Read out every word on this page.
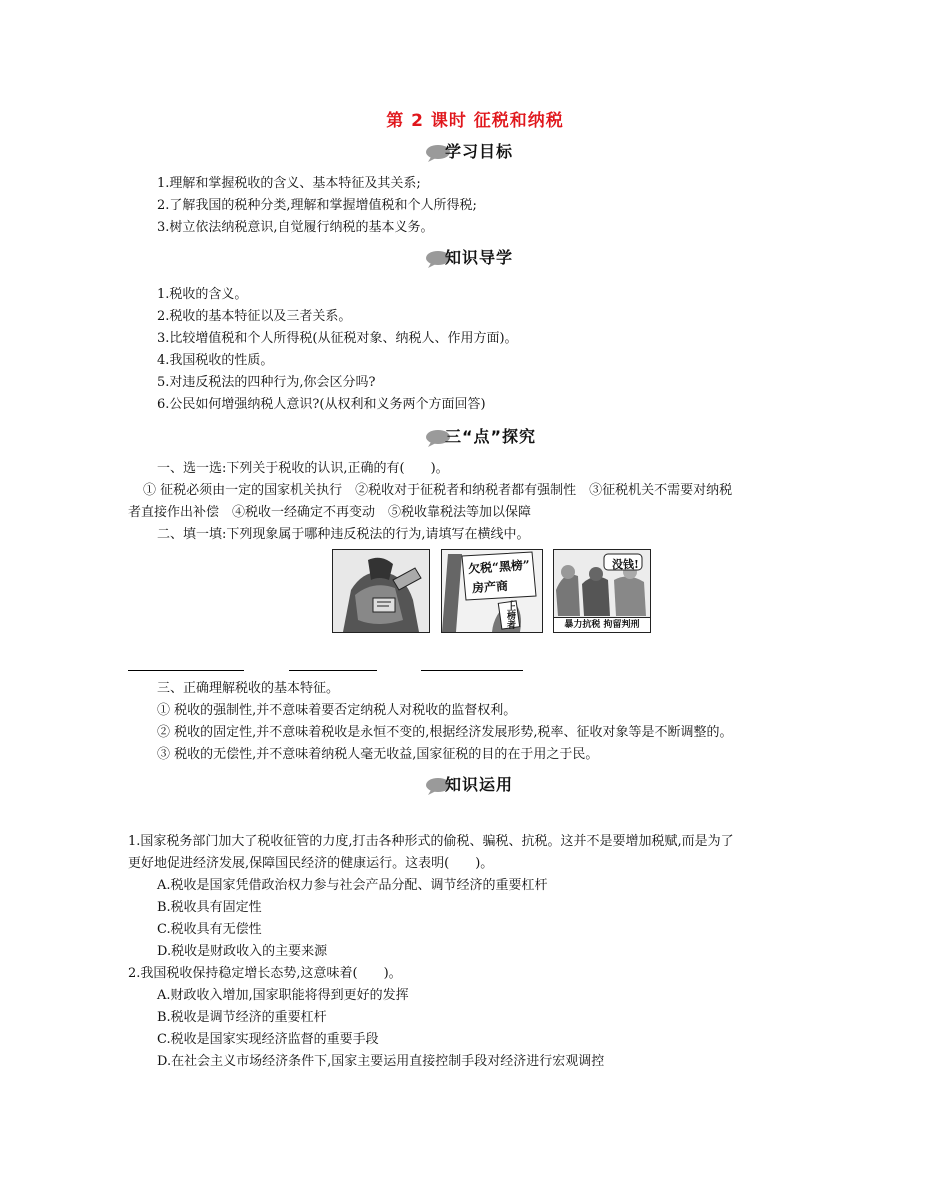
第 2 课时 征税和纳税
学习目标
1.理解和掌握税收的含义、基本特征及其关系;
2.了解我国的税种分类,理解和掌握增值税和个人所得税;
3.树立依法纳税意识,自觉履行纳税的基本义务。
知识导学
1.税收的含义。
2.税收的基本特征以及三者关系。
3.比较增值税和个人所得税(从征税对象、纳税人、作用方面)。
4.我国税收的性质。
5.对违反税法的四种行为,你会区分吗?
6.公民如何增强纳税人意识?(从权利和义务两个方面回答)
三“点”探究
一、选一选:下列关于税收的认识,正确的有(　　)。
① 征税必须由一定的国家机关执行　②税收对于征税者和纳税者都有强制性　③征税机关不需要对纳税
者直接作出补偿　④税收一经确定不再变动　⑤税收靠税法等加以保障
二、填一填:下列现象属于哪种违反税法的行为,请填写在横线中。
欠税“黑榜”
房产商
上榜者
没钱!
暴力抗税 拘留判刑
三、正确理解税收的基本特征。
① 税收的强制性,并不意味着要否定纳税人对税收的监督权利。
② 税收的固定性,并不意味着税收是永恒不变的,根据经济发展形势,税率、征收对象等是不断调整的。
③ 税收的无偿性,并不意味着纳税人毫无收益,国家征税的目的在于用之于民。
知识运用
1.国家税务部门加大了税收征管的力度,打击各种形式的偷税、骗税、抗税。这并不是要增加税赋,而是为了
更好地促进经济发展,保障国民经济的健康运行。这表明(　　)。
A.税收是国家凭借政治权力参与社会产品分配、调节经济的重要杠杆
B.税收具有固定性
C.税收具有无偿性
D.税收是财政收入的主要来源
2.我国税收保持稳定增长态势,这意味着(　　)。
A.财政收入增加,国家职能将得到更好的发挥
B.税收是调节经济的重要杠杆
C.税收是国家实现经济监督的重要手段
D.在社会主义市场经济条件下,国家主要运用直接控制手段对经济进行宏观调控
